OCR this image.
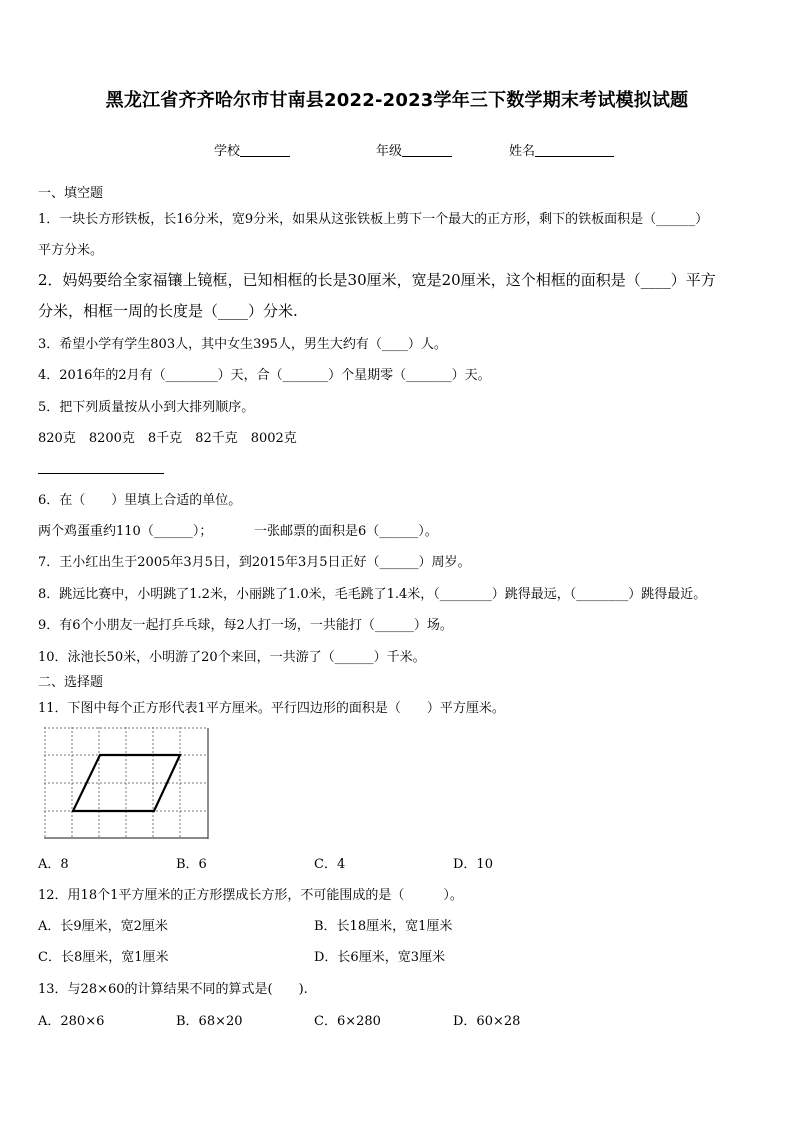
黑龙江省齐齐哈尔市甘南县2022-2023学年三下数学期末考试模拟试题
学校	年级	姓名
一、填空题
1．一块长方形铁板，长16分米，宽9分米，如果从这张铁板上剪下一个最大的正方形，剩下的铁板面积是（______）
平方分米。
2．妈妈要给全家福镶上镜框，已知相框的长是30厘米，宽是20厘米，这个相框的面积是（____）平方
分米，相框一周的长度是（____）分米.
3．希望小学有学生803人，其中女生395人，男生大约有（____）人。
4．2016年的2月有（________）天，合（_______）个星期零（_______）天。
5．把下列质量按从小到大排列顺序。
820克　8200克　8千克　82千克　8002克
6．在（　　）里填上合适的单位。
两个鸡蛋重约110（______）；	一张邮票的面积是6（______）。
7．王小红出生于2005年3月5日，到2015年3月5日正好（______）周岁。
8．跳远比赛中，小明跳了1.2米，小丽跳了1.0米，毛毛跳了1.4米，（________）跳得最远，（________）跳得最近。
9．有6个小朋友一起打乒乓球，每2人打一场，一共能打（______）场。
10．泳池长50米，小明游了20个来回，一共游了（______）千米。
二、选择题
11．下图中每个正方形代表1平方厘米。平行四边形的面积是（　　）平方厘米。
A．8	B．6	C．4	D．10
12．用18个1平方厘米的正方形摆成长方形，不可能围成的是（　　　）。
A．长9厘米，宽2厘米	B．长18厘米，宽1厘米
C．长8厘米，宽1厘米	D．长6厘米，宽3厘米
13．与28×60的计算结果不同的算式是(　　).
A．280×6	B．68×20	C．6×280	D．60×28
